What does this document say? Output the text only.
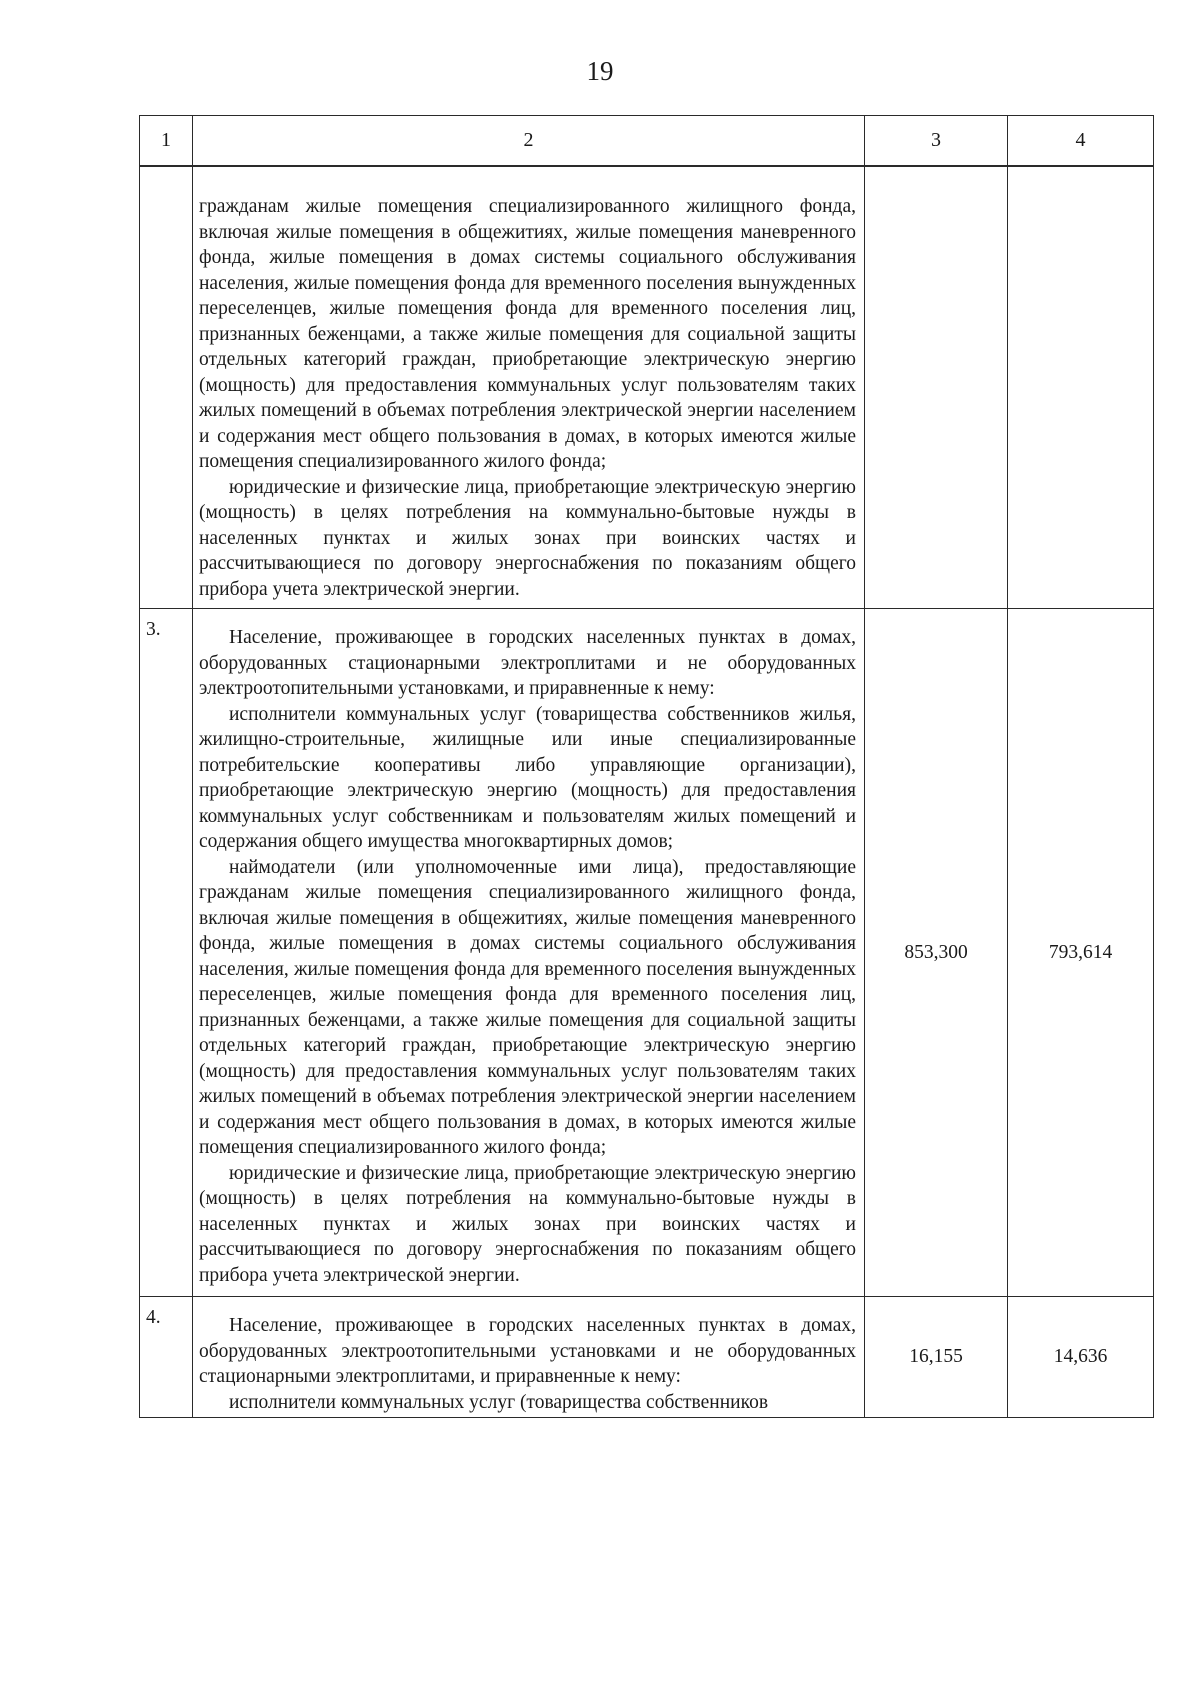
19
1	2	3	4

	гражданам жилые помещения специализированного жилищного фонда, включая жилые помещения в общежитиях, жилые помещения маневренного фонда, жилые помещения в домах системы социального обслуживания населения, жилые помещения фонда для временного поселения вынужденных переселенцев, жилые помещения фонда для временного поселения лиц, признанных беженцами, а также жилые помещения для социальной защиты отдельных категорий граждан, приобретающие электрическую энергию (мощность) для предоставления коммунальных услуг пользователям таких жилых помещений в объемах потребления электрической энергии населением и содержания мест общего пользования в домах, в которых имеются жилые помещения специализированного жилого фонда;

юридические и физические лица, приобретающие электрическую энергию (мощность) в целях потребления на коммунально-бытовые нужды в населенных пунктах и жилых зонах при воинских частях и рассчитывающиеся по договору энергоснабжения по показаниям общего прибора учета электрической энергии.		

3.	Население, проживающее в городских населенных пунктах в домах, оборудованных стационарными электроплитами и не оборудованных электроотопительными установками, и приравненные к нему:

исполнители коммунальных услуг (товарищества собственников жилья, жилищно-строительные, жилищные или иные специализированные потребительские кооперативы либо управляющие организации), приобретающие электрическую энергию (мощность) для предоставления коммунальных услуг собственникам и пользователям жилых помещений и содержания общего имущества многоквартирных домов;

наймодатели (или уполномоченные ими лица), предоставляющие гражданам жилые помещения специализированного жилищного фонда, включая жилые помещения в общежитиях, жилые помещения маневренного фонда, жилые помещения в домах системы социального обслуживания населения, жилые помещения фонда для временного поселения вынужденных переселенцев, жилые помещения фонда для временного поселения лиц, признанных беженцами, а также жилые помещения для социальной защиты отдельных категорий граждан, приобретающие электрическую энергию (мощность) для предоставления коммунальных услуг пользователям таких жилых помещений в объемах потребления электрической энергии населением и содержания мест общего пользования в домах, в которых имеются жилые помещения специализированного жилого фонда;

юридические и физические лица, приобретающие электрическую энергию (мощность) в целях потребления на коммунально-бытовые нужды в населенных пунктах и жилых зонах при воинских частях и рассчитывающиеся по договору энергоснабжения по показаниям общего прибора учета электрической энергии.	853,300	793,614
4.	Население, проживающее в городских населенных пунктах в домах, оборудованных электроотопительными установками и не оборудованных стационарными электроплитами, и приравненные к нему:

исполнители коммунальных услуг (товарищества собственников	16,155	14,636
